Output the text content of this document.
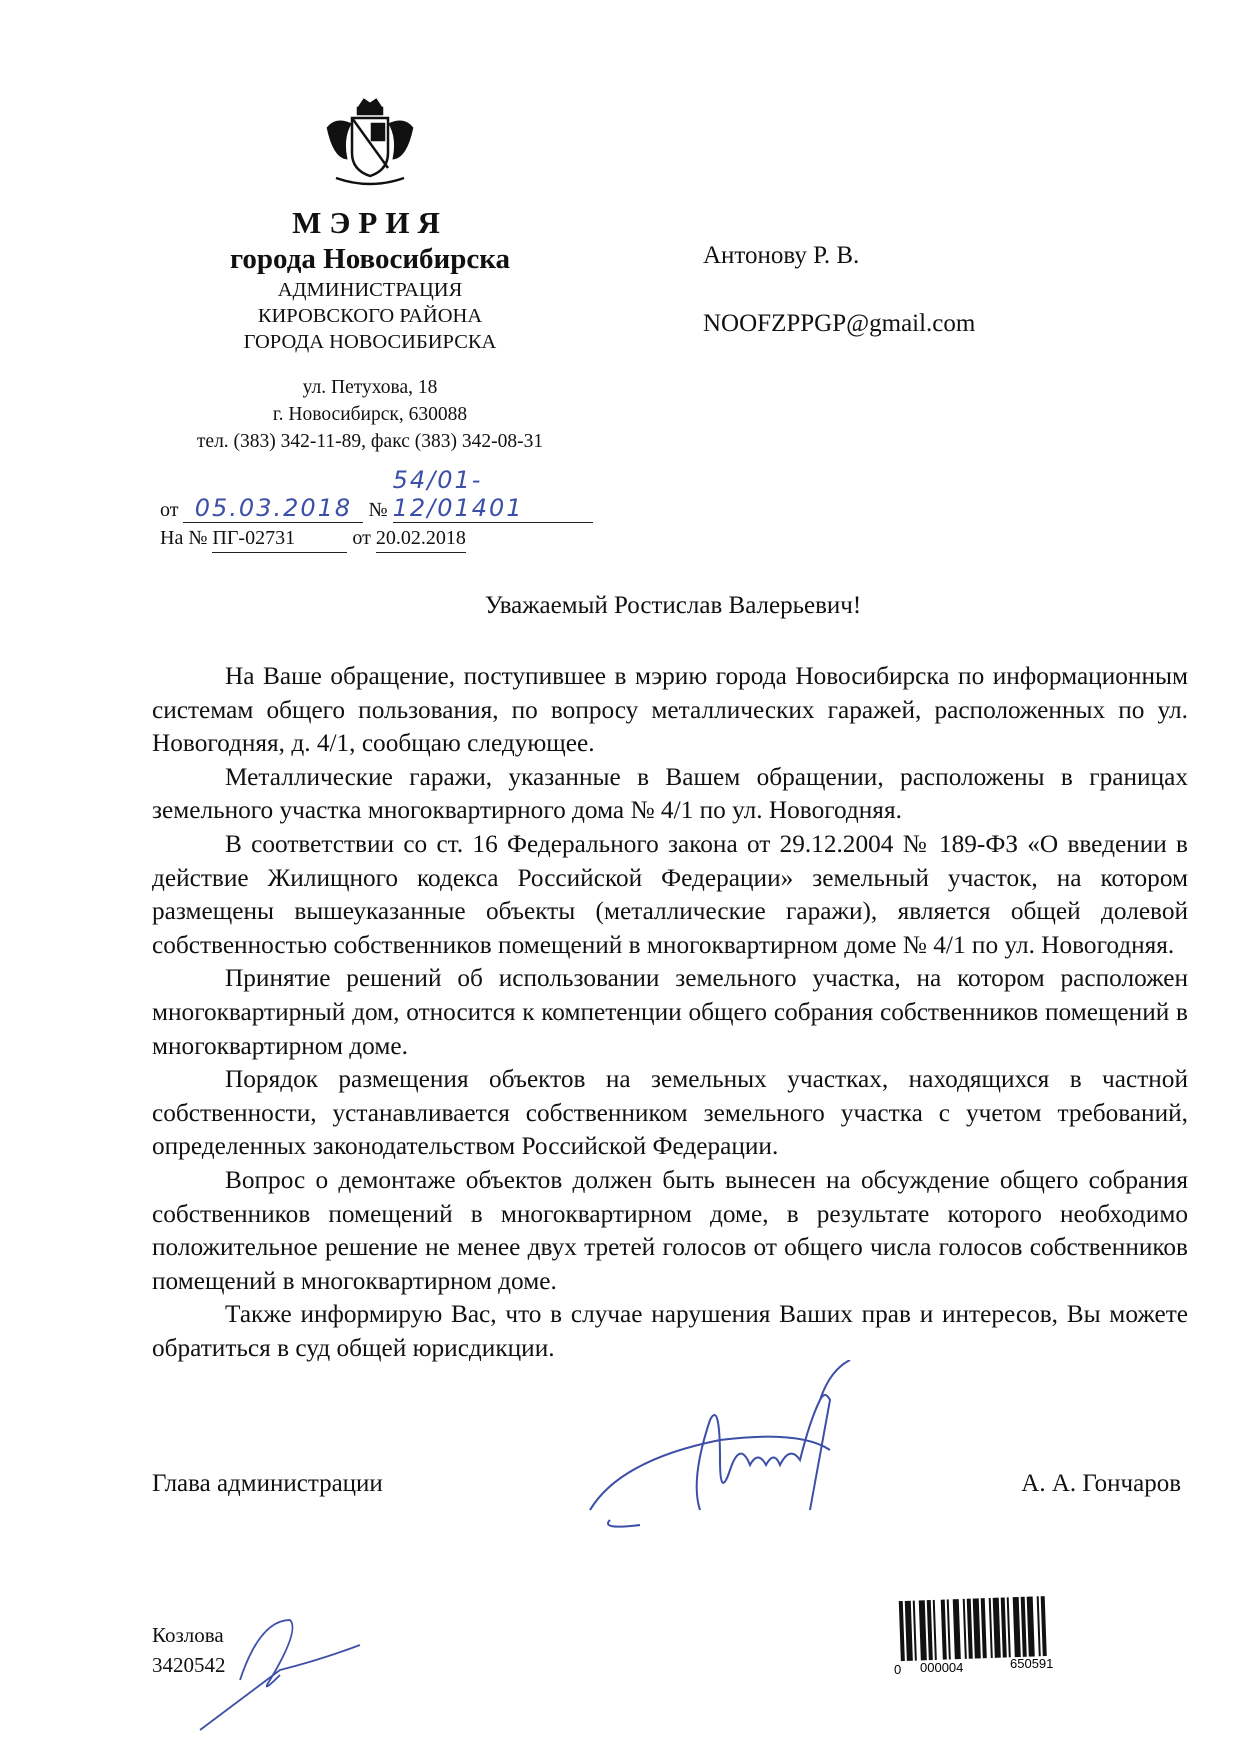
МЭРИЯ
города Новосибирска
АДМИНИСТРАЦИЯ
КИРОВСКОГО РАЙОНА
ГОРОДА НОВОСИБИРСКА
ул. Петухова, 18
г. Новосибирск, 630088
тел. (383) 342-11-89, факс (383) 342-08-31
от 05.03.2018 № 54/01-12/01401
На № ПГ-02731	от 20.02.2018
Антонову Р. В.
NOOFZPPGP@gmail.com
Уважаемый Ростислав Валерьевич!

На Ваше обращение, поступившее в мэрию города Новосибирска по информационным системам общего пользования, по вопросу металлических гаражей, расположенных по ул. Новогодняя, д. 4/1, сообщаю следующее.

Металлические гаражи, указанные в Вашем обращении, расположены в границах земельного участка многоквартирного дома № 4/1 по ул. Новогодняя.

В соответствии со ст. 16 Федерального закона от 29.12.2004 № 189-ФЗ «О введении в действие Жилищного кодекса Российской Федерации» земельный участок, на котором размещены вышеуказанные объекты (металлические гаражи), является общей долевой собственностью собственников помещений в многоквартирном доме № 4/1 по ул. Новогодняя.

Принятие решений об использовании земельного участка, на котором расположен многоквартирный дом, относится к компетенции общего собрания собственников помещений в многоквартирном доме.

Порядок размещения объектов на земельных участках, находящихся в частной собственности, устанавливается собственником земельного участка с учетом требований, определенных законодательством Российской Федерации.

Вопрос о демонтаже объектов должен быть вынесен на обсуждение общего собрания собственников помещений в многоквартирном доме, в результате которого необходимо положительное решение не менее двух третей голосов от общего числа голосов собственников помещений в многоквартирном доме.

Также информирую Вас, что в случае нарушения Ваших прав и интересов, Вы можете обратиться в суд общей юрисдикции.

Глава администрации	А. А. Гончаров
Козлова
3420542	0 000004	650591
